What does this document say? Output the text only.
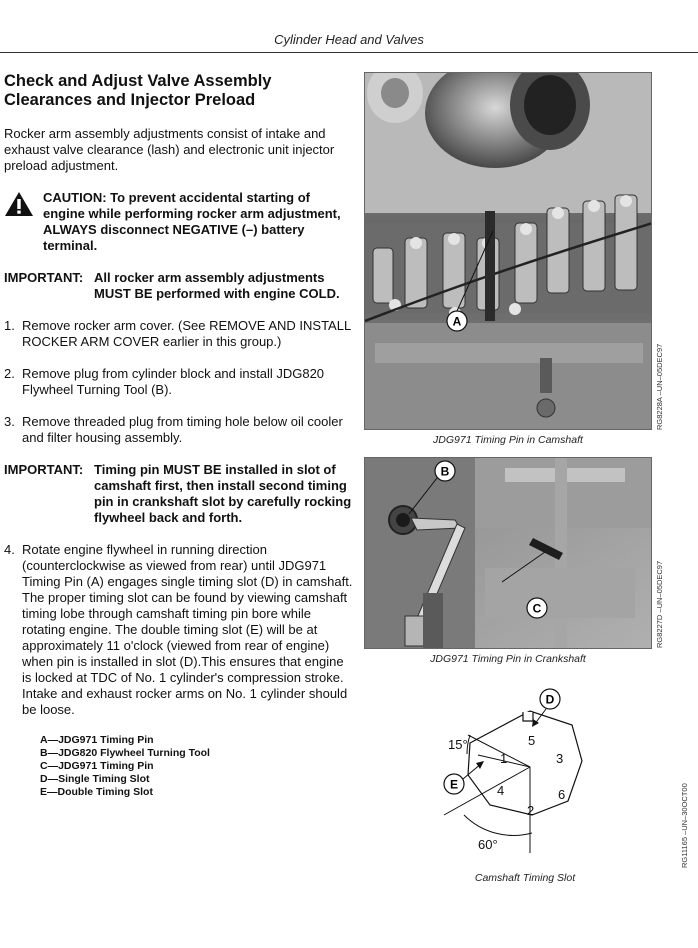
Cylinder Head and Valves
Check and Adjust Valve Assembly
Clearances and Injector Preload

Rocker arm assembly adjustments consist of intake and exhaust valve clearance (lash) and electronic unit injector preload adjustment.

CAUTION: To prevent accidental starting of engine while performing rocker arm adjustment, ALWAYS disconnect NEGATIVE (–) battery terminal.
IMPORTANT: All rocker arm assembly adjustments MUST BE performed with engine COLD.
1. Remove rocker arm cover. (See REMOVE AND INSTALL ROCKER ARM COVER earlier in this group.)
2. Remove plug from cylinder block and install JDG820 Flywheel Turning Tool (B).
3. Remove threaded plug from timing hole below oil cooler and filter housing assembly.
IMPORTANT: Timing pin MUST BE installed in slot of camshaft first, then install second timing pin in crankshaft slot by carefully rocking flywheel back and forth.
4. Rotate engine flywheel in running direction (counterclockwise as viewed from rear) until JDG971 Timing Pin (A) engages single timing slot (D) in camshaft. The proper timing slot can be found by viewing camshaft timing lobe through camshaft timing pin bore while rotating engine. The double timing slot (E) will be at approximately 11 o'clock (viewed from rear of engine) when pin is installed in slot (D).This ensures that engine is locked at TDC of No. 1 cylinder's compression stroke. Intake and exhaust rocker arms on No. 1 cylinder should be loose.
A—JDG971 Timing Pin
B—JDG820 Flywheel Turning Tool
C—JDG971 Timing Pin
D—Single Timing Slot
E—Double Timing Slot
A
JDG971 Timing Pin in Camshaft
RG8228A –UN–05DEC97
B
C
JDG971 Timing Pin in Crankshaft
RG8227D –UN–05DEC97
15°
60°
5
3
6
2
4
1
D
E
Camshaft Timing Slot
RG11165 –UN–30OCT00
